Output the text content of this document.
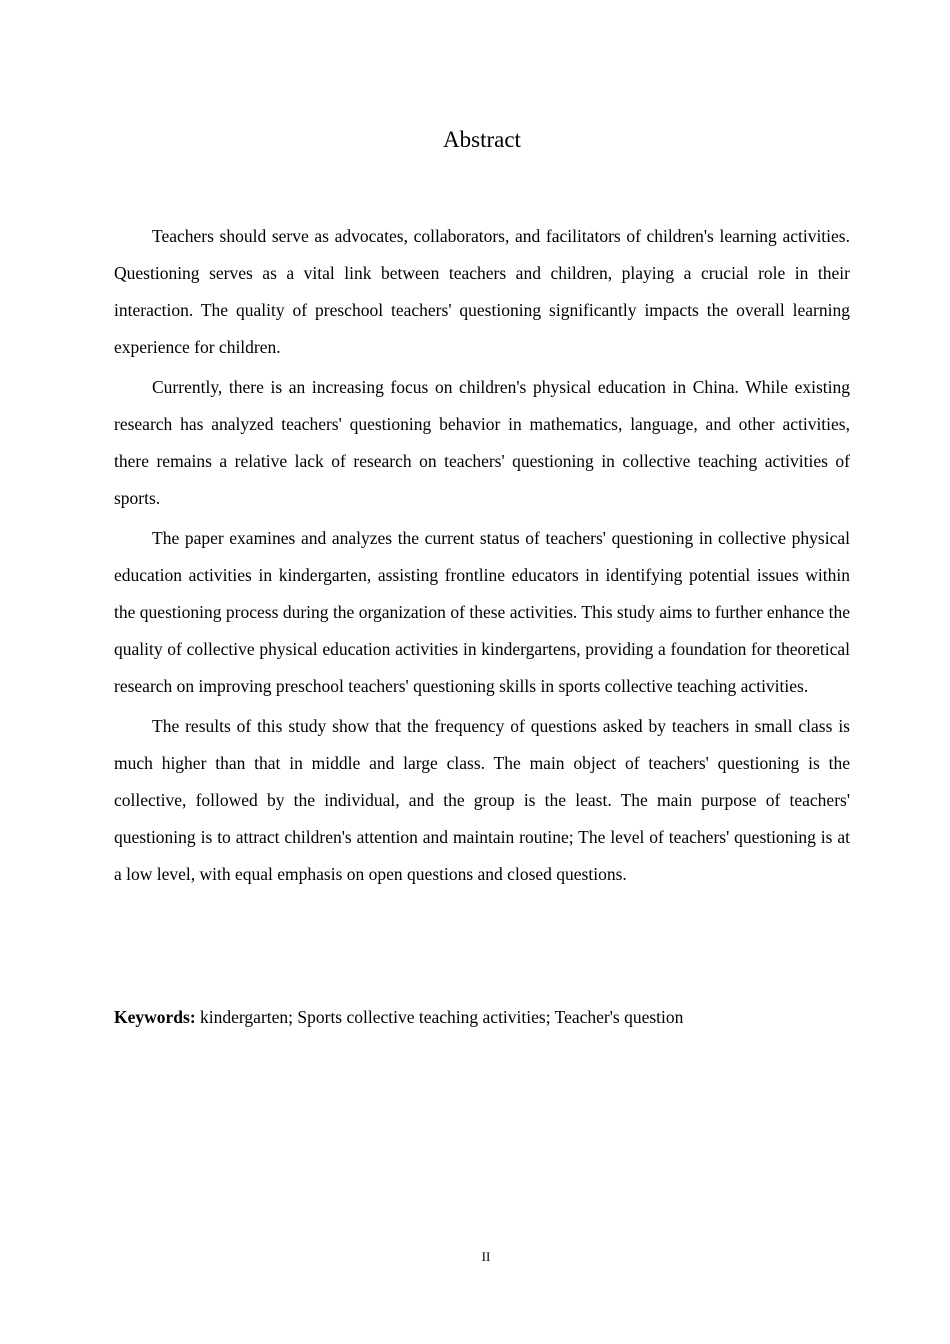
Abstract

Teachers should serve as advocates, collaborators, and facilitators of children's learning activities. Questioning serves as a vital link between teachers and children, playing a crucial role in their interaction. The quality of preschool teachers' questioning significantly impacts the overall learning experience for children.

Currently, there is an increasing focus on children's physical education in China. While existing research has analyzed teachers' questioning behavior in mathematics, language, and other activities, there remains a relative lack of research on teachers' questioning in collective teaching activities of sports.

The paper examines and analyzes the current status of teachers' questioning in collective physical education activities in kindergarten, assisting frontline educators in identifying potential issues within the questioning process during the organization of these activities. This study aims to further enhance the quality of collective physical education activities in kindergartens, providing a foundation for theoretical research on improving preschool teachers' questioning skills in sports collective teaching activities.

The results of this study show that the frequency of questions asked by teachers in small class is much higher than that in middle and large class. The main object of teachers' questioning is the collective, followed by the individual, and the group is the least. The main purpose of teachers' questioning is to attract children's attention and maintain routine; The level of teachers' questioning is at a low level, with equal emphasis on open questions and closed questions.

Keywords: kindergarten; Sports collective teaching activities; Teacher's question
II
